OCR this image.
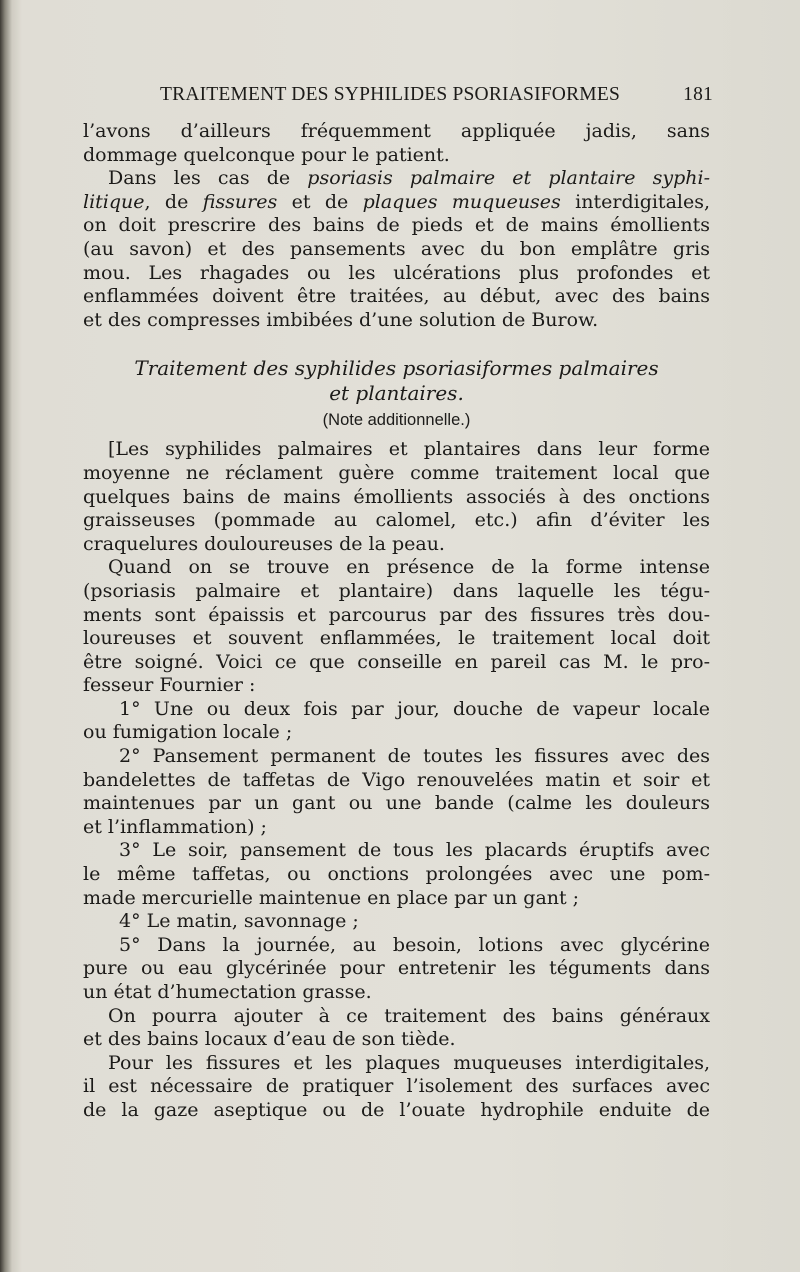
TRAITEMENT DES SYPHILIDES PSORIASIFORMES	181
l’avons d’ailleurs fréquemment appliquée jadis, sans
dommage quelconque pour le patient.
Dans les cas de psoriasis palmaire et plantaire syphi-
litique, de fissures et de plaques muqueuses interdigitales,
on doit prescrire des bains de pieds et de mains émollients
(au savon) et des pansements avec du bon emplâtre gris
mou. Les rhagades ou les ulcérations plus profondes et
enflammées doivent être traitées, au début, avec des bains
et des compresses imbibées d’une solution de Burow.
Traitement des syphilides psoriasiformes palmaires
et plantaires.
(Note additionnelle.)
[Les syphilides palmaires et plantaires dans leur forme
moyenne ne réclament guère comme traitement local que
quelques bains de mains émollients associés à des onctions
graisseuses (pommade au calomel, etc.) afin d’éviter les
craquelures douloureuses de la peau.
Quand on se trouve en présence de la forme intense
(psoriasis palmaire et plantaire) dans laquelle les tégu-
ments sont épaissis et parcourus par des fissures très dou-
loureuses et souvent enflammées, le traitement local doit
être soigné. Voici ce que conseille en pareil cas M. le pro-
fesseur Fournier :
1° Une ou deux fois par jour, douche de vapeur locale
ou fumigation locale ;
2° Pansement permanent de toutes les fissures avec des
bandelettes de taffetas de Vigo renouvelées matin et soir et
maintenues par un gant ou une bande (calme les douleurs
et l’inflammation) ;
3° Le soir, pansement de tous les placards éruptifs avec
le même taffetas, ou onctions prolongées avec une pom-
made mercurielle maintenue en place par un gant ;
4° Le matin, savonnage ;
5° Dans la journée, au besoin, lotions avec glycérine
pure ou eau glycérinée pour entretenir les téguments dans
un état d’humectation grasse.
On pourra ajouter à ce traitement des bains généraux
et des bains locaux d’eau de son tiède.
Pour les fissures et les plaques muqueuses interdigitales,
il est nécessaire de pratiquer l’isolement des surfaces avec
de la gaze aseptique ou de l’ouate hydrophile enduite de
